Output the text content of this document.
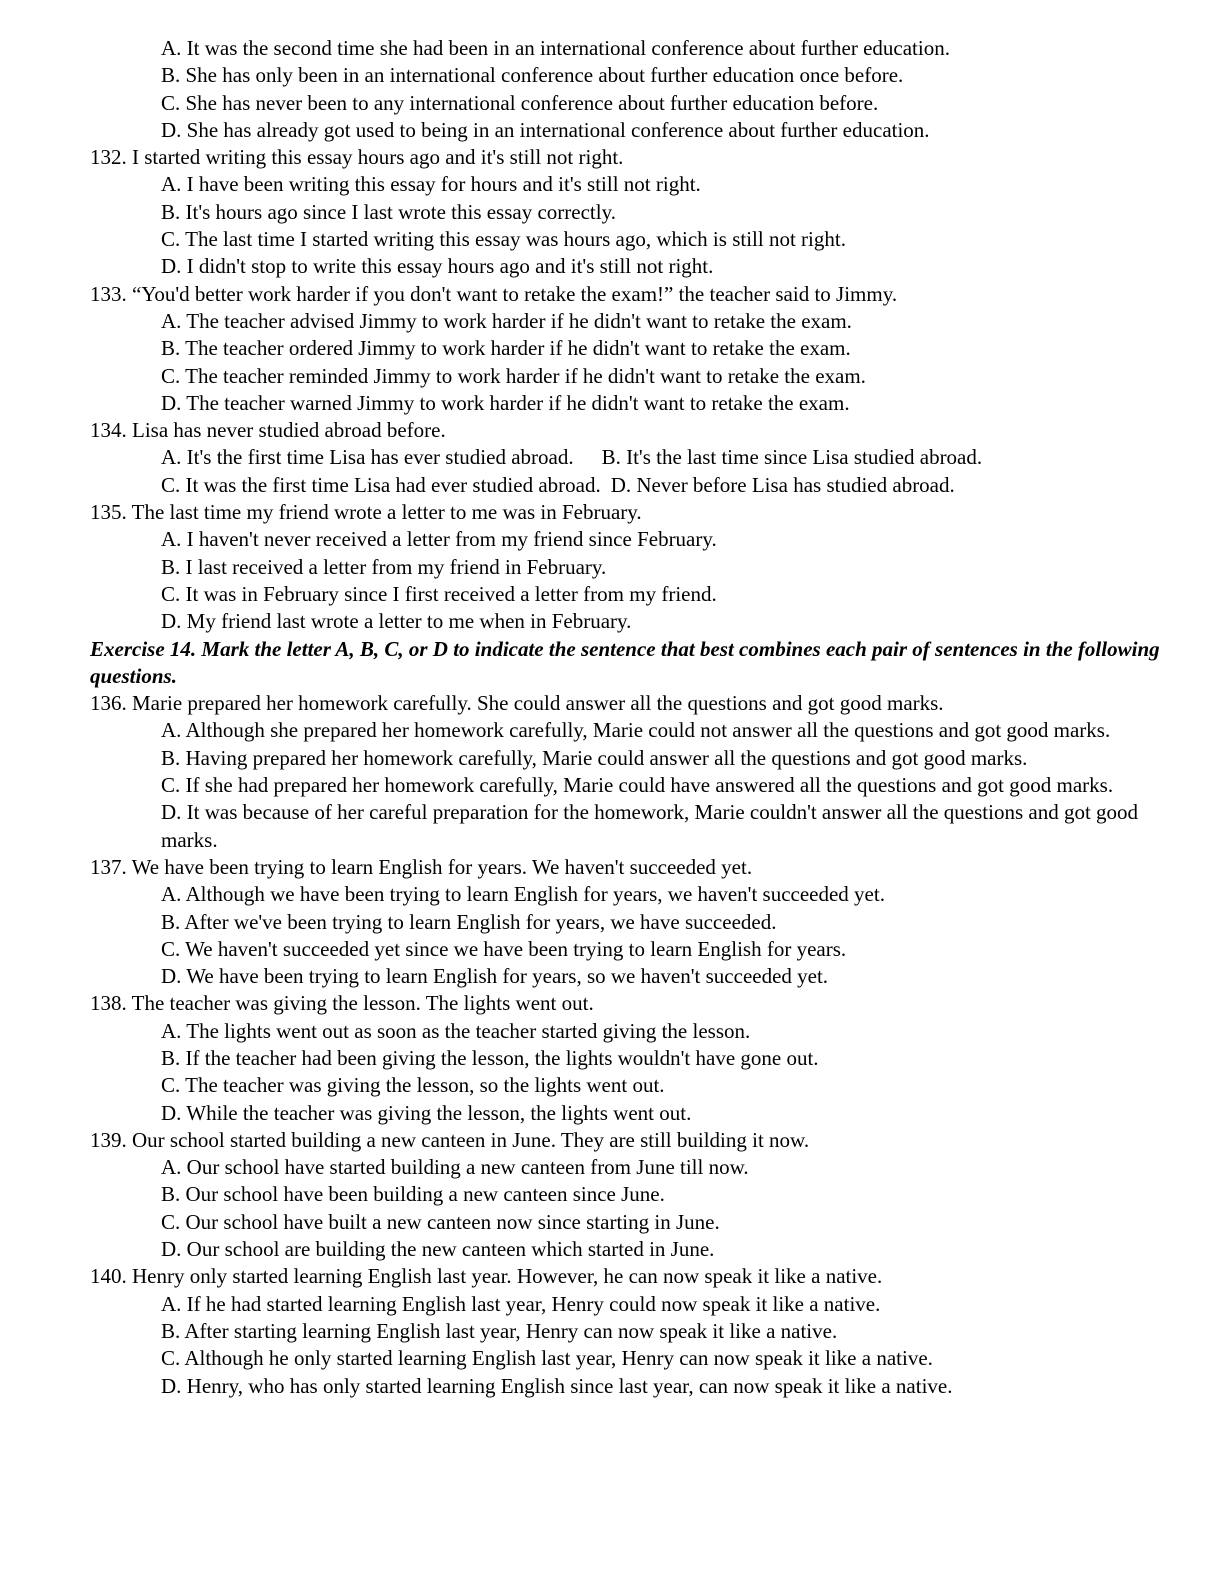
A. It was the second time she had been in an international conference about further education.
B. She has only been in an international conference about further education once before.
C. She has never been to any international conference about further education before.
D. She has already got used to being in an international conference about further education.
132. I started writing this essay hours ago and it's still not right.
A. I have been writing this essay for hours and it's still not right.
B. It's hours ago since I last wrote this essay correctly.
C. The last time I started writing this essay was hours ago, which is still not right.
D. I didn't stop to write this essay hours ago and it's still not right.
133. “You'd better work harder if you don't want to retake the exam!” the teacher said to Jimmy.
A. The teacher advised Jimmy to work harder if he didn't want to retake the exam.
B. The teacher ordered Jimmy to work harder if he didn't want to retake the exam.
C. The teacher reminded Jimmy to work harder if he didn't want to retake the exam.
D. The teacher warned Jimmy to work harder if he didn't want to retake the exam.
134. Lisa has never studied abroad before.
A. It's the first time Lisa has ever studied abroad. B. It's the last time since Lisa studied abroad.
C. It was the first time Lisa had ever studied abroad. D. Never before Lisa has studied abroad.
135. The last time my friend wrote a letter to me was in February.
A. I haven't never received a letter from my friend since February.
B. I last received a letter from my friend in February.
C. It was in February since I first received a letter from my friend.
D. My friend last wrote a letter to me when in February.
Exercise 14. Mark the letter A, B, C, or D to indicate the sentence that best combines each pair of sentences in the following questions.
136. Marie prepared her homework carefully. She could answer all the questions and got good marks.
A. Although she prepared her homework carefully, Marie could not answer all the questions and got good marks.
B. Having prepared her homework carefully, Marie could answer all the questions and got good marks.
C. If she had prepared her homework carefully, Marie could have answered all the questions and got good marks.
D. It was because of her careful preparation for the homework, Marie couldn't answer all the questions and got good marks.
137. We have been trying to learn English for years. We haven't succeeded yet.
A. Although we have been trying to learn English for years, we haven't succeeded yet.
B. After we've been trying to learn English for years, we have succeeded.
C. We haven't succeeded yet since we have been trying to learn English for years.
D. We have been trying to learn English for years, so we haven't succeeded yet.
138. The teacher was giving the lesson. The lights went out.
A. The lights went out as soon as the teacher started giving the lesson.
B. If the teacher had been giving the lesson, the lights wouldn't have gone out.
C. The teacher was giving the lesson, so the lights went out.
D. While the teacher was giving the lesson, the lights went out.
139. Our school started building a new canteen in June. They are still building it now.
A. Our school have started building a new canteen from June till now.
B. Our school have been building a new canteen since June.
C. Our school have built a new canteen now since starting in June.
D. Our school are building the new canteen which started in June.
140. Henry only started learning English last year. However, he can now speak it like a native.
A. If he had started learning English last year, Henry could now speak it like a native.
B. After starting learning English last year, Henry can now speak it like a native.
C. Although he only started learning English last year, Henry can now speak it like a native.
D. Henry, who has only started learning English since last year, can now speak it like a native.
